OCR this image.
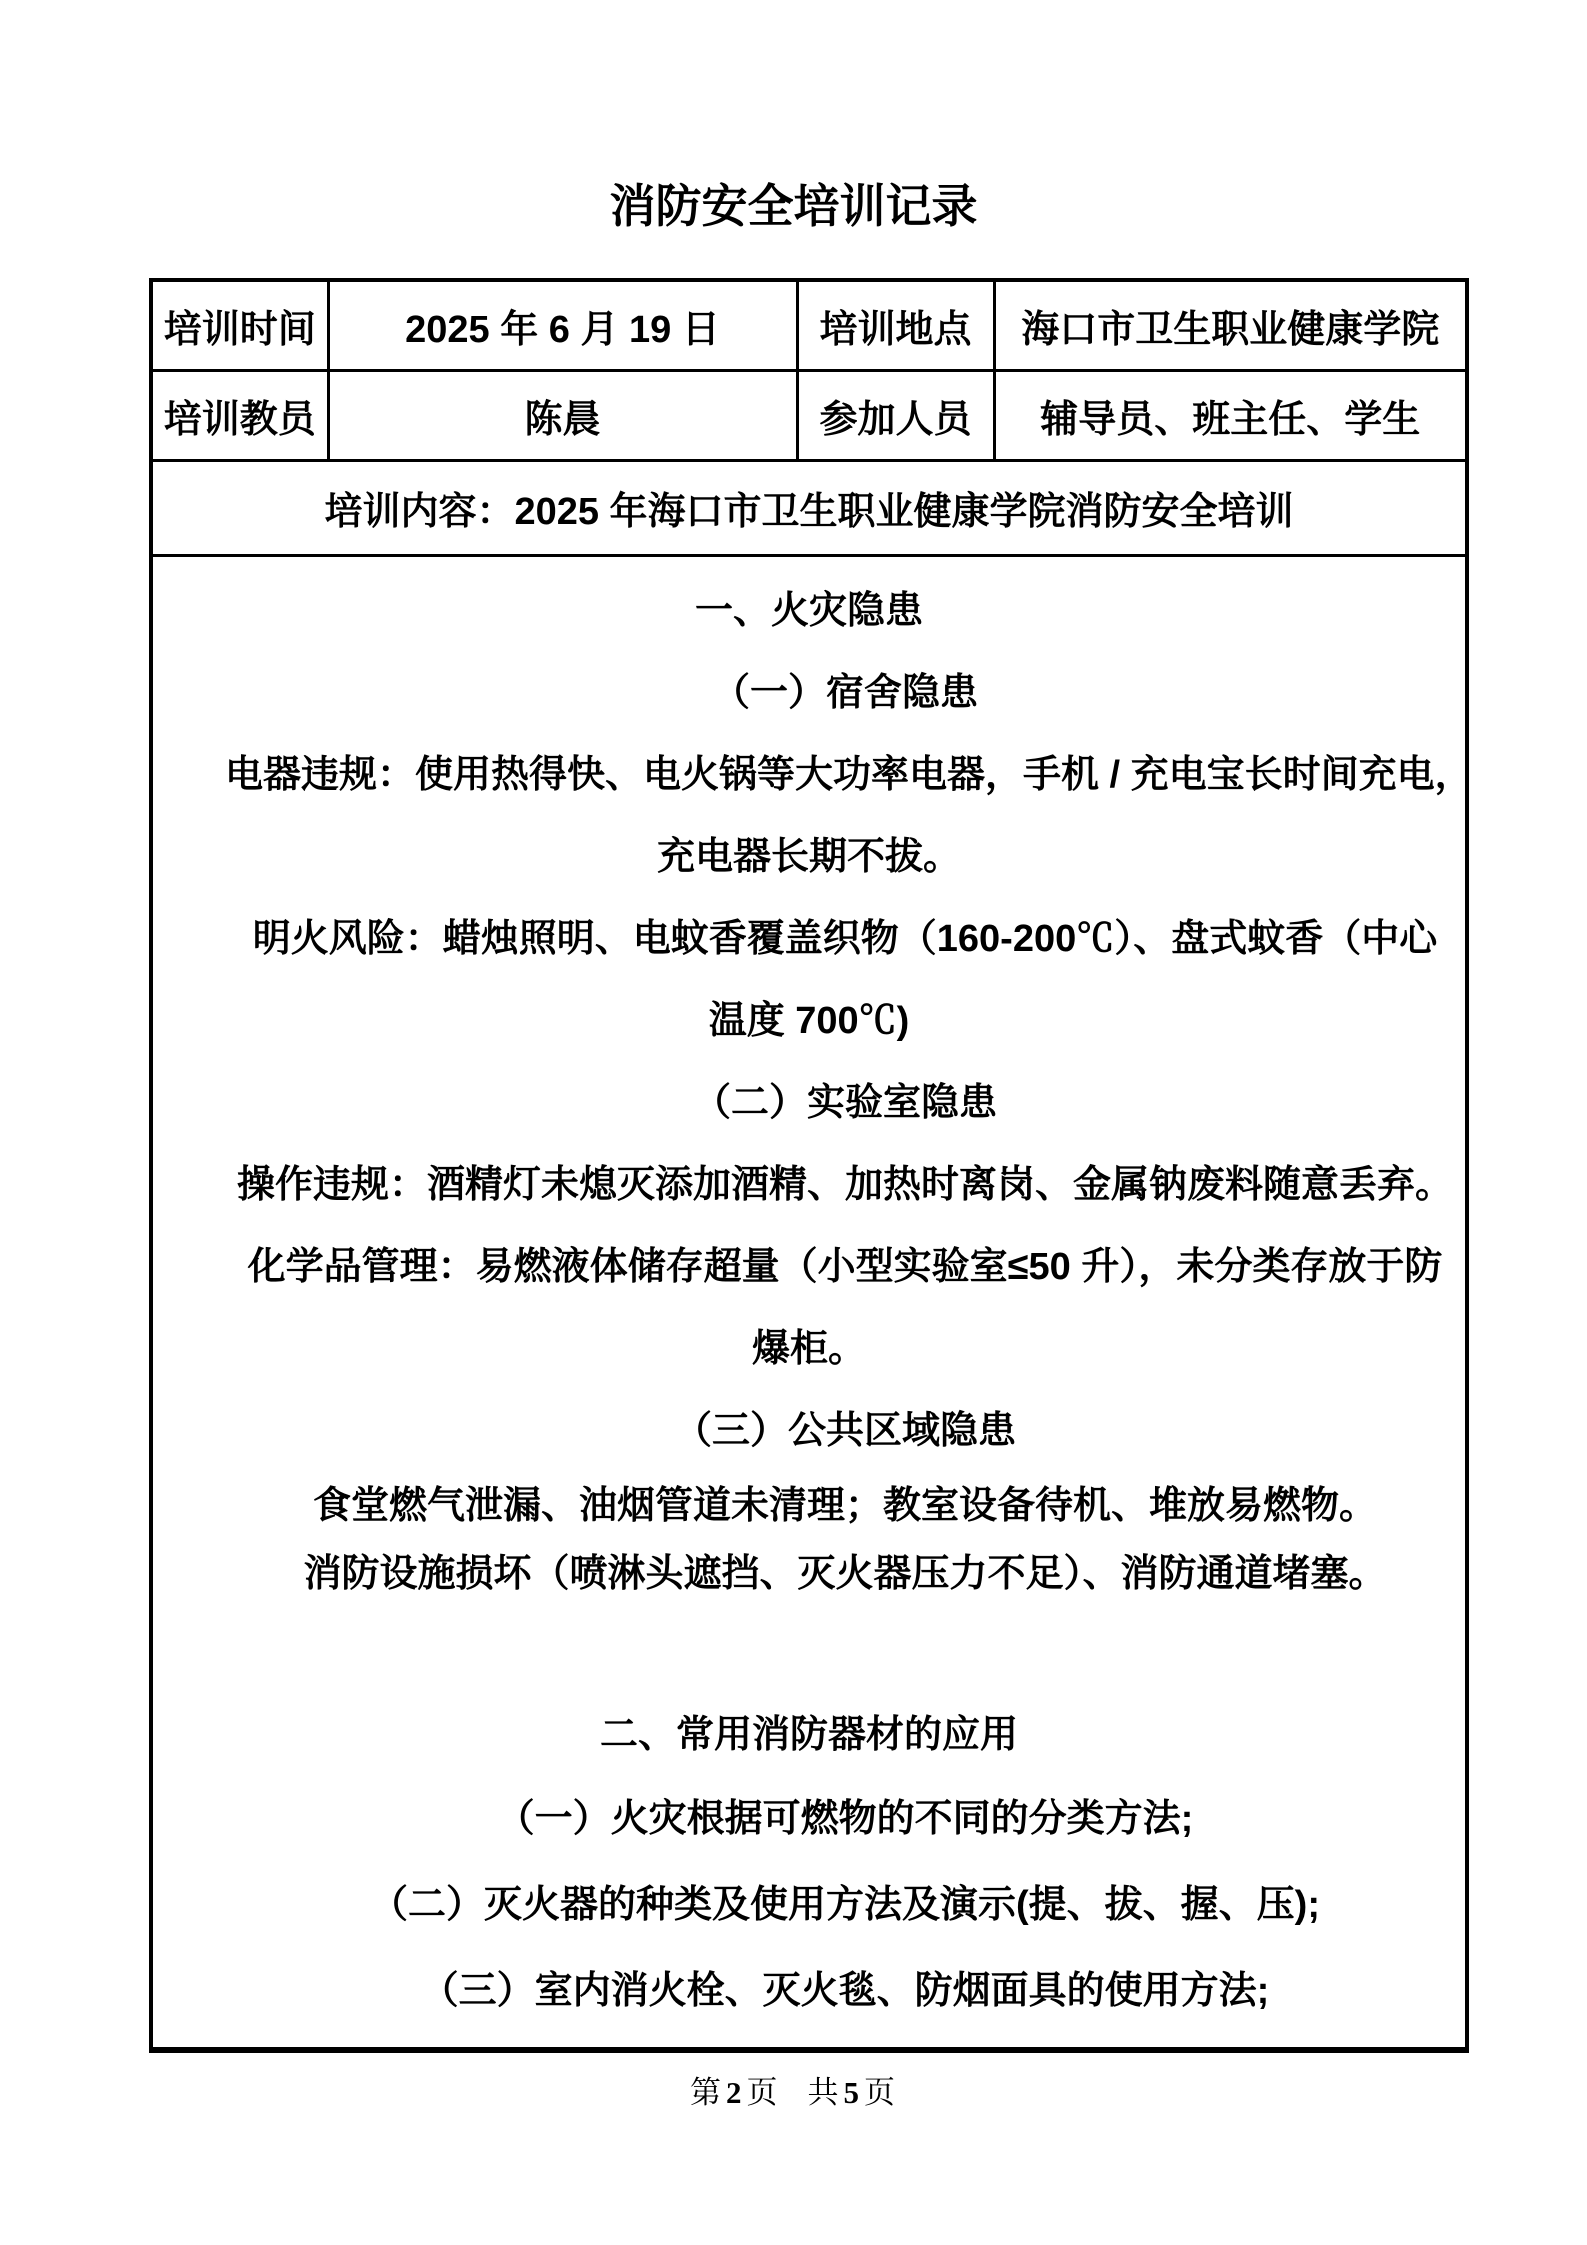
消防安全培训记录
培训时间	2025 年 6 月 19 日	培训地点	海口市卫生职业健康学院
培训教员	陈晨	参加人员	辅导员、班主任、学生
培训内容：2025 年海口市卫生职业健康学院消防安全培训			

一、火灾隐患

（一）宿舍隐患

电器违规：使用热得快、电火锅等大功率电器，手机 / 充电宝长时间充电，

充电器长期不拔。

明火风险：蜡烛照明、电蚊香覆盖织物（160-200℃）、盘式蚊香（中心

温度 700℃)

（二）实验室隐患

操作违规：酒精灯未熄灭添加酒精、加热时离岗、金属钠废料随意丢弃。

化学品管理：易燃液体储存超量（小型实验室≤50 升），未分类存放于防

爆柜。

（三）公共区域隐患

食堂燃气泄漏、油烟管道未清理；教室设备待机、堆放易燃物。

消防设施损坏（喷淋头遮挡、灭火器压力不足）、消防通道堵塞。

二、常用消防器材的应用

（一）火灾根据可燃物的不同的分类方法;

（二）灭火器的种类及使用方法及演示(提、拔、握、压);

（三）室内消火栓、灭火毯、防烟面具的使用方法;

第2页 共5页
